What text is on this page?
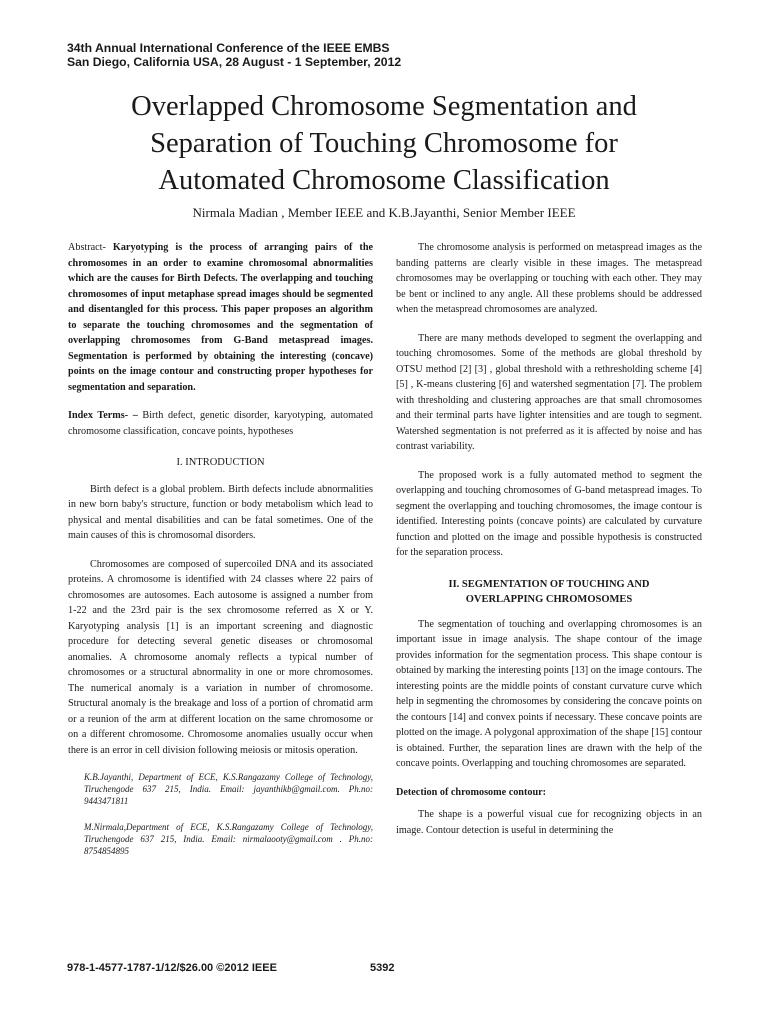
34th Annual International Conference of the IEEE EMBS
San Diego, California USA, 28 August - 1 September, 2012
Overlapped Chromosome Segmentation and
Separation of Touching Chromosome for
Automated Chromosome Classification
Nirmala Madian , Member IEEE and K.B.Jayanthi, Senior Member IEEE

Abstract- Karyotyping is the process of arranging pairs of the chromosomes in an order to examine chromosomal abnormalities which are the causes for Birth Defects. The overlapping and touching chromosomes of input metaphase spread images should be segmented and disentangled for this process. This paper proposes an algorithm to separate the touching chromosomes and the segmentation of overlapping chromosomes from G-Band metaspread images. Segmentation is performed by obtaining the interesting (concave) points on the image contour and constructing proper hypotheses for segmentation and separation.

Index Terms- – Birth defect, genetic disorder, karyotyping, automated chromosome classification, concave points, hypotheses

I. INTRODUCTION

Birth defect is a global problem. Birth defects include abnormalities in new born baby's structure, function or body metabolism which lead to physical and mental disabilities and can be fatal sometimes. One of the main causes of this is chromosomal disorders.

Chromosomes are composed of supercoiled DNA and its associated proteins. A chromosome is identified with 24 classes where 22 pairs of chromosomes are autosomes. Each autosome is assigned a number from 1-22 and the 23rd pair is the sex chromosome referred as X or Y. Karyotyping analysis [1] is an important screening and diagnostic procedure for detecting several genetic diseases or chromosomal anomalies. A chromosome anomaly reflects a typical number of chromosomes or a structural abnormality in one or more chromosomes. The numerical anomaly is a variation in number of chromosome. Structural anomaly is the breakage and loss of a portion of chromatid arm or a reunion of the arm at different location on the same chromosome or on a different chromosome. Chromosome anomalies usually occur when there is an error in cell division following meiosis or mitosis operation.

K.B.Jayanthi, Department of ECE, K.S.Rangazamy College of Technology, Tiruchengode 637 215, India. Email: jayanthikb@gmail.com. Ph.no: 9443471811

M.Nirmala,Department of ECE, K.S.Rangazamy College of Technology, Tiruchengode 637 215, India. Email: nirmalaooty@gmail.com . Ph.no: 8754854895

The chromosome analysis is performed on metaspread images as the banding patterns are clearly visible in these images. The metaspread chromosomes may be overlapping or touching with each other. They may be bent or inclined to any angle. All these problems should be addressed when the metaspread chromosomes are analyzed.

There are many methods developed to segment the overlapping and touching chromosomes. Some of the methods are global threshold by OTSU method [2] [3] , global threshold with a rethresholding scheme [4] [5] , K-means clustering [6] and watershed segmentation [7]. The problem with thresholding and clustering approaches are that small chromosomes and their terminal parts have lighter intensities and are tough to segment. Watershed segmentation is not preferred as it is affected by noise and has contrast variability.

The proposed work is a fully automated method to segment the overlapping and touching chromosomes of G-band metaspread images. To segment the overlapping and touching chromosomes, the image contour is identified. Interesting points (concave points) are calculated by curvature function and plotted on the image and possible hypothesis is constructed for the separation process.

II. SEGMENTATION OF TOUCHING AND
OVERLAPPING CHROMOSOMES

The segmentation of touching and overlapping chromosomes is an important issue in image analysis. The shape contour of the image provides information for the segmentation process. This shape contour is obtained by marking the interesting points [13] on the image contours. The interesting points are the middle points of constant curvature curve which help in segmenting the chromosomes by considering the concave points on the contours [14] and convex points if necessary. These concave points are plotted on the image. A polygonal approximation of the shape [15] contour is obtained. Further, the separation lines are drawn with the help of the concave points. Overlapping and touching chromosomes are separated.

Detection of chromosome contour:

The shape is a powerful visual cue for recognizing objects in an image. Contour detection is useful in determining the

978-1-4577-1787-1/12/$26.00 ©2012 IEEE	5392
